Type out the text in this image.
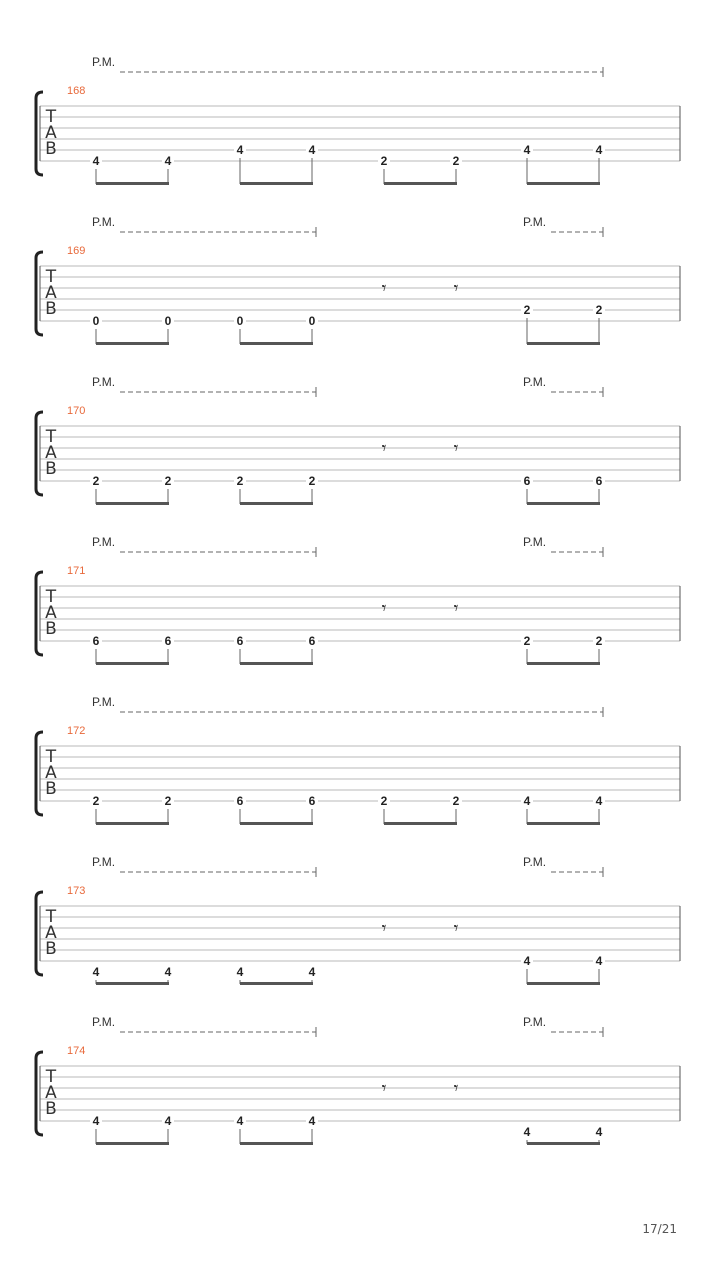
P.M.
168
T
A
B
4	4
4	4
2	2
4	4
P.M.	P.M.
169
T
A
B
0	0	0	0
𝄾	𝄾
2	2
P.M.	P.M.
170
T
A
B
2	2	2	2
𝄾	𝄾
6	6
P.M.	P.M.
171
T
A
B
6	6	6	6
𝄾	𝄾
2	2
P.M.
172
T
A
B
2	2	6	6	2	2	4	4
P.M.	P.M.
173
T
A
B
4	4	4	4
𝄾	𝄾
4	4
P.M.	P.M.
174
T
A
B
4	4	4	4
𝄾	𝄾
4	4
17/21
